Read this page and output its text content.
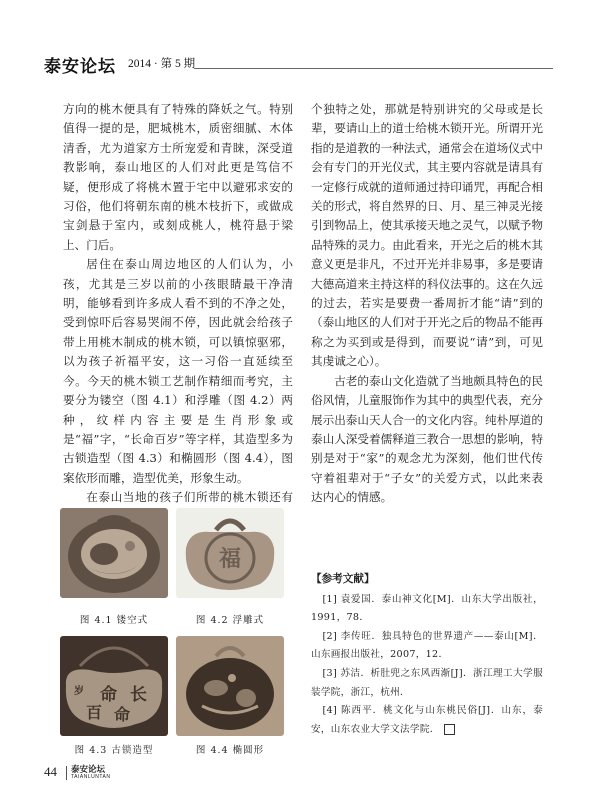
泰安论坛 2014 · 第 5 期

方向的桃木便具有了特殊的降妖之气。特别值得一提的是，肥城桃木，质密细腻、木体清香，尤为道家方士所宠爱和青睐，深受道教影响，泰山地区的人们对此更是笃信不疑，便形成了将桃木置于宅中以避邪求安的习俗，他们将朝东南的桃木枝折下，或做成宝剑悬于室内，或刻成桃人，桃符悬于梁上、门后。

居住在泰山周边地区的人们认为，小孩，尤其是三岁以前的小孩眼睛最干净清明，能够看到许多成人看不到的不净之处，受到惊吓后容易哭闹不停，因此就会给孩子带上用桃木制成的桃木锁，可以镇惊驱邪，以为孩子祈福平安，这一习俗一直延续至今。今天的桃木锁工艺制作精细而考究，主要分为镂空（图 4.1）和浮雕（图 4.2）两种，纹样内容主要是生肖形象或是“福”字，“长命百岁”等字样，其造型多为古锁造型（图 4.3）和椭圆形（图 4.4），图案依形而雕，造型优美，形象生动。

在泰山当地的孩子们所带的桃木锁还有

个独特之处，那就是特别讲究的父母或是长辈，要请山上的道士给桃木锁开光。所谓开光指的是道教的一种法式，通常会在道场仪式中会有专门的开光仪式，其主要内容就是请具有一定修行成就的道师通过持印诵咒，再配合相关的形式，将自然界的日、月、星三神灵光接引到物品上，使其承接天地之灵气，以赋予物品特殊的灵力。由此看来，开光之后的桃木其意义更是非凡，不过开光并非易事，多是要请大德高道来主持这样的科仪法事的。这在久远的过去，若实是要费一番周折才能“请”到的（泰山地区的人们对于开光之后的物品不能再称之为买到或是得到，而要说“请”到，可见其虔诚之心）。

古老的泰山文化造就了当地颇具特色的民俗风情，儿童服饰作为其中的典型代表，充分展示出泰山天人合一的文化内容。纯朴厚道的泰山人深受着儒释道三教合一思想的影响，特别是对于“家”的观念尤为深刻，他们世代传守着祖辈对于“子女”的关爱方式，以此来表达内心的情感。

图 4.1 镂空式
福
图 4.2 浮雕式
岁	长
百 命
命
图 4.3 古锁造型	图 4.4 椭圆形
【参考文献】

[1] 袁爱国．泰山神文化[M]．山东大学出版社，1991，78．

[2] 李传旺．独具特色的世界遗产——泰山[M]．山东画报出版社，2007，12．

[3] 苏洁．析肚兜之东风西渐[J]．浙江理工大学服装学院，浙江，杭州．

[4] 陈西平．桃文化与山东桃民俗[J]．山东，泰安，山东农业大学文法学院．

44 泰安论坛
TAIANLUNTAN
